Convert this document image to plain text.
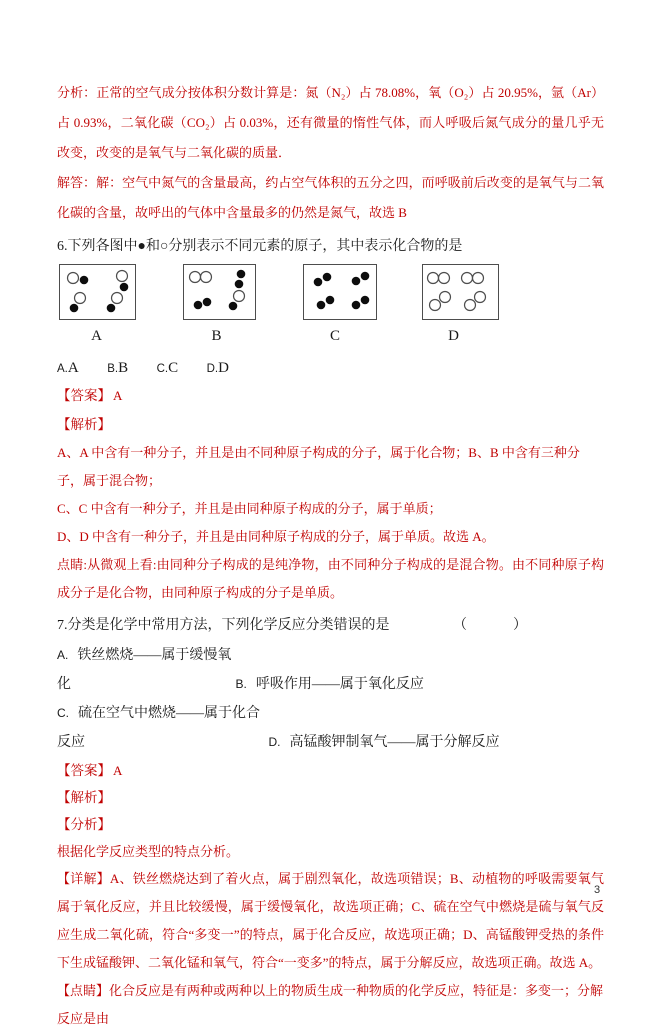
分析：正常的空气成分按体积分数计算是：氮（N₂）占 78.08%，氧（O₂）占 20.95%，氩（Ar）占 0.93%，二氧化碳（CO₂）占 0.03%，还有微量的惰性气体，而人呼吸后氮气成分的量几乎无改变，改变的是氧气与二氧化碳的质量．

解答：解：空气中氮气的含量最高，约占空气体积的五分之四，而呼吸前后改变的是氧气与二氧化碳的含量，故呼出的气体中含量最多的仍然是氮气，故选 B

6.下列各图中●和○分别表示不同元素的原子，其中表示化合物的是

A	B	C	D

A.A B.B C.C D.D

【答案】 A

【解析】

A、A 中含有一种分子，并且是由不同种原子构成的分子，属于化合物；B、B 中含有三种分子，属于混合物；

C、C 中含有一种分子，并且是由同种原子构成的分子，属于单质；

D、D 中含有一种分子，并且是由同种原子构成的分子，属于单质。故选 A。

点睛:从微观上看:由同种分子构成的是纯净物，由不同种分子构成的是混合物。由不同种原子构成分子是化合物，由同种原子构成的分子是单质。

7.分类是化学中常用方法，下列化学反应分类错误的是	（　　）

A. 铁丝燃烧——属于缓慢氧化	B. 呼吸作用——属于氧化反应

C. 硫在空气中燃烧——属于化合反应	D. 高锰酸钾制氧气——属于分解反应

【答案】 A

【解析】

【分析】

根据化学反应类型的特点分析。

【详解】A、铁丝燃烧达到了着火点，属于剧烈氧化，故选项错误；B、动植物的呼吸需要氧气属于氧化反应，并且比较缓慢，属于缓慢氧化，故选项正确；C、硫在空气中燃烧是硫与氧气反应生成二氧化硫，符合“多变一”的特点，属于化合反应，故选项正确；D、高锰酸钾受热的条件下生成锰酸钾、二氧化锰和氧气，符合“一变多”的特点，属于分解反应，故选项正确。故选 A。

【点睛】化合反应是有两种或两种以上的物质生成一种物质的化学反应，特征是：多变一；分解反应是由

3
